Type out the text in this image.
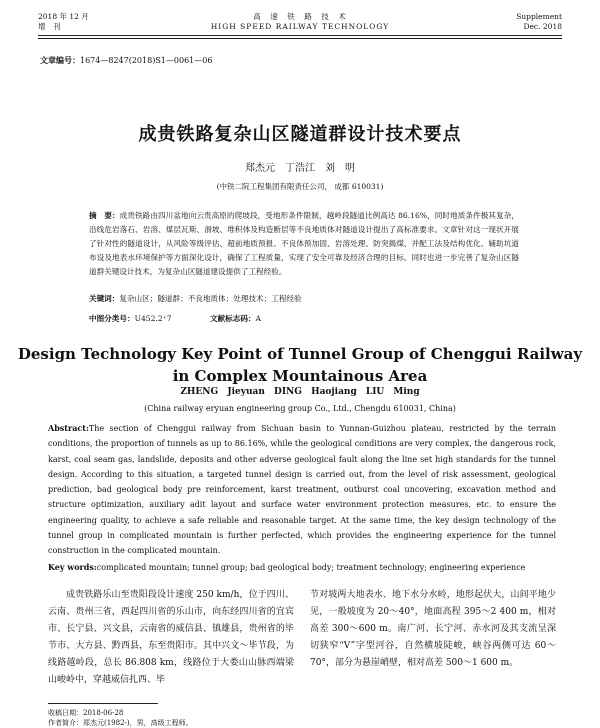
2018 年 12 月
增　刊
高　速　铁　路　技　术
HIGH SPEED RAILWAY TECHNOLOGY
Supplement
Dec. 2018
文章编号：1674—8247(2018)S1—0061—06
成贵铁路复杂山区隧道群设计技术要点
郑杰元　丁浩江　刘　明
(中铁二院工程集团有限责任公司， 成都 610031)
摘　要：成贵铁路由四川盆地向云贵高原的爬坡段，受地形条件限制，越岭段隧道比例高达 86.16%，同时地质条件极其复杂，沿线危岩落石、岩溶、煤层瓦斯、滑坡、堆积体及构造断层等不良地质体对隧道设计提出了高标准要求。文章针对这一现状开展了针对性的隧道设计，从风险等级评估、超前地质预报、不良体预加固、岩溶处理、防突揭煤、并配工法及结构优化、辅助坑道布设及地表水环境保护等方面深化设计，确保了工程质量，实现了安全可靠及经济合理的目标。同时也进一步完善了复杂山区隧道群关键设计技术，为复杂山区隧道建设提供了工程经验。
关键词：复杂山区；隧道群；不良地质体；处理技术；工程经验
中图分类号：U452.2⁺7	文献标志码：A
Design Technology Key Point of Tunnel Group of Chenggui Railway
in Complex Mountainous Area
ZHENG Jieyuan DING Haojiang LIU Ming
(China railway eryuan engineering group Co., Ltd., Chengdu 610031, China)
Abstract:The section of Chenggui railway from Sichuan basin to Yunnan-Guizhou plateau, restricted by the terrain conditions, the proportion of tunnels as up to 86.16%, while the geological conditions are very complex, the dangerous rock, karst, coal seam gas, landslide, deposits and other adverse geological fault along the line set high standards for the tunnel design. According to this situation, a targeted tunnel design is carried out, from the level of risk assessment, geological prediction, bad geological body pre reinforcement, karst treatment, outburst coal uncovering, excavation method and structure optimization, auxiliary adit layout and surface water environment protection measures, etc. to ensure the engineering quality, to achieve a safe reliable and reasonable target. At the same time, the key design technology of the tunnel group in complicated mountain is further perfected, which provides the engineering experience for the tunnel construction in the complicated mountain.
Key words:complicated mountain; tunnel group; bad geological body; treatment technology; engineering experience
成贵铁路乐山至贵阳段设计速度 250 km/h，位于四川、云南、贵州三省，西起四川省的乐山市，向东经四川省的宜宾市、长宁县、兴文县，云南省的威信县、镇雄县，贵州省的毕节市、大方县、黔西县，东至贵阳市。其中兴文～毕节段，为线路越岭段，总长 86.808 km，线路位于大娄山山脉西端梁山峻岭中，穿越威信扎西、毕
节对坡两大地表水、地下水分水岭，地形起伏大，山间平地少见，一般坡度为 20～40°，地面高程 395～2 400 m，相对高差 300～600 m。南广河、长宁河、赤水河及其支流呈深切狭窄“V”字型河谷，自然横坡陡峻，峡谷两侧可达 60～70°，部分为悬崖峭壁，相对高差 500～1 600 m。
收稿日期：2018-06-28
作者简介：郑杰元(1982-)，男，高级工程师。
